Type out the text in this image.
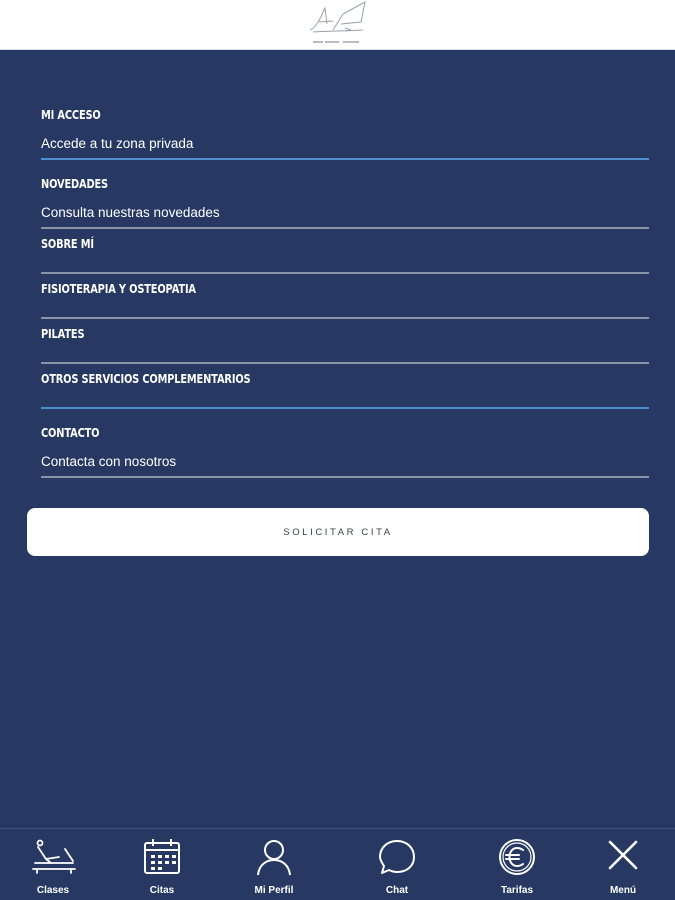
MI ACCESO
Accede a tu zona privada
NOVEDADES
Consulta nuestras novedades
SOBRE MÍ
FISIOTERAPIA Y OSTEOPATIA
PILATES
OTROS SERVICIOS COMPLEMENTARIOS
CONTACTO
Contacta con nosotros
SOLICITAR CITA
Clases	Citas	Mi Perfil	Chat	Tarifas	Menú
